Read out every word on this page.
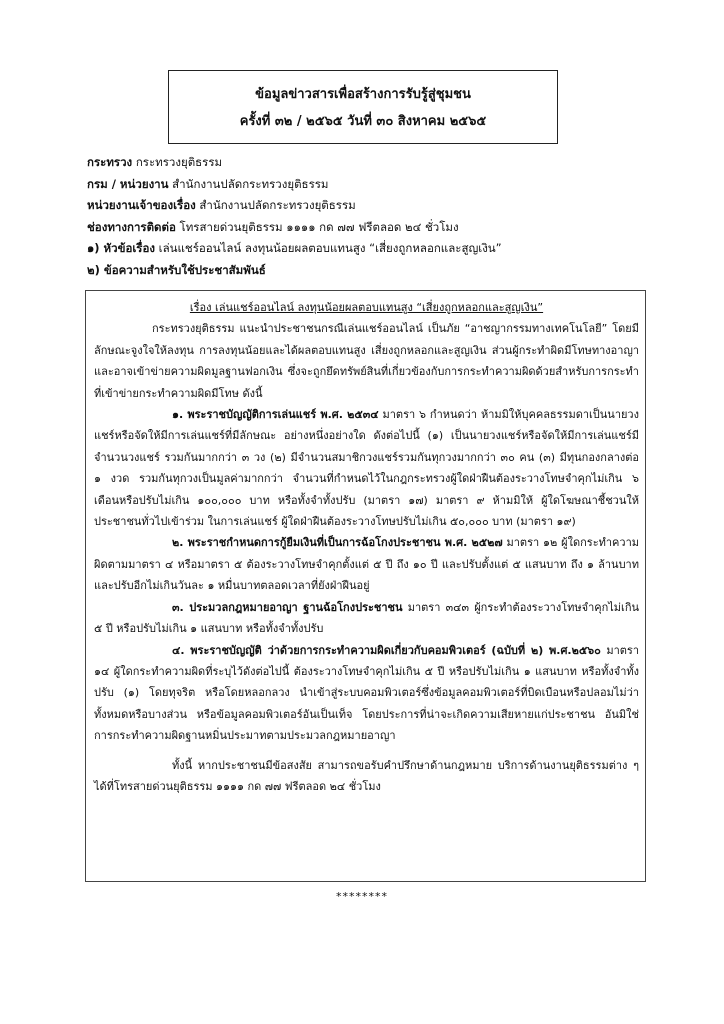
ข้อมูลข่าวสารเพื่อสร้างการรับรู้สู่ชุมชน
ครั้งที่ ๓๒ / ๒๕๖๕ วันที่ ๓๐ สิงหาคม ๒๕๖๕
กระทรวง กระทรวงยุติธรรม
กรม / หน่วยงาน สำนักงานปลัดกระทรวงยุติธรรม
หน่วยงานเจ้าของเรื่อง สำนักงานปลัดกระทรวงยุติธรรม
ช่องทางการติดต่อ โทรสายด่วนยุติธรรม ๑๑๑๑ กด ๗๗ ฟรีตลอด ๒๔ ชั่วโมง
๑) หัวข้อเรื่อง เล่นแชร์ออนไลน์ ลงทุนน้อยผลตอบแทนสูง “เสี่ยงถูกหลอกและสูญเงิน”
๒) ข้อความสำหรับใช้ประชาสัมพันธ์
เรื่อง เล่นแชร์ออนไลน์ ลงทุนน้อยผลตอบแทนสูง “เสี่ยงถูกหลอกและสูญเงิน”
กระทรวงยุติธรรม แนะนำประชาชนกรณีเล่นแชร์ออนไลน์ เป็นภัย “อาชญากรรมทางเทคโนโลยี” โดยมีลักษณะจูงใจให้ลงทุน การลงทุนน้อยและได้ผลตอบแทนสูง เสี่ยงถูกหลอกและสูญเงิน ส่วนผู้กระทำผิดมีโทษทางอาญาและอาจเข้าข่ายความผิดมูลฐานฟอกเงิน ซึ่งจะถูกยึดทรัพย์สินที่เกี่ยวข้องกับการกระทำความผิดด้วยสำหรับการกระทำที่เข้าข่ายกระทำความผิดมีโทษ ดังนี้
๑. พระราชบัญญัติการเล่นแชร์ พ.ศ. ๒๕๓๔ มาตรา ๖ กำหนดว่า ห้ามมิให้บุคคลธรรมดาเป็นนายวงแชร์หรือจัดให้มีการเล่นแชร์ที่มีลักษณะ อย่างหนึ่งอย่างใด ดังต่อไปนี้ (๑) เป็นนายวงแชร์หรือจัดให้มีการเล่นแชร์มีจำนวนวงแชร์ รวมกันมากกว่า ๓ วง (๒) มีจำนวนสมาชิกวงแชร์รวมกันทุกวงมากกว่า ๓๐ คน (๓) มีทุนกองกลางต่อ ๑ งวด รวมกันทุกวงเป็นมูลค่ามากกว่า จำนวนที่กำหนดไว้ในกฎกระทรวงผู้ใดฝ่าฝืนต้องระวางโทษจำคุกไม่เกิน ๖ เดือนหรือปรับไม่เกิน ๑๐๐,๐๐๐ บาท หรือทั้งจำทั้งปรับ (มาตรา ๑๗) มาตรา ๙ ห้ามมิให้ ผู้ใดโฆษณาชี้ชวนให้ประชาชนทั่วไปเข้าร่วม ในการเล่นแชร์ ผู้ใดฝ่าฝืนต้องระวางโทษปรับไม่เกิน ๕๐,๐๐๐ บาท (มาตรา ๑๙)
๒. พระราชกำหนดการกู้ยืมเงินที่เป็นการฉ้อโกงประชาชน พ.ศ. ๒๕๒๗ มาตรา ๑๒ ผู้ใดกระทำความผิดตามมาตรา ๔ หรือมาตรา ๕ ต้องระวางโทษจำคุกตั้งแต่ ๕ ปี ถึง ๑๐ ปี และปรับตั้งแต่ ๕ แสนบาท ถึง ๑ ล้านบาท และปรับอีกไม่เกินวันละ ๑ หมื่นบาทตลอดเวลาที่ยังฝ่าฝืนอยู่
๓. ประมวลกฎหมายอาญา ฐานฉ้อโกงประชาชน มาตรา ๓๔๓ ผู้กระทำต้องระวางโทษจำคุกไม่เกิน ๕ ปี หรือปรับไม่เกิน ๑ แสนบาท หรือทั้งจำทั้งปรับ
๔. พระราชบัญญัติ ว่าด้วยการกระทำความผิดเกี่ยวกับคอมพิวเตอร์ (ฉบับที่ ๒) พ.ศ.๒๕๖๐ มาตรา ๑๔ ผู้ใดกระทำความผิดที่ระบุไว้ดังต่อไปนี้ ต้องระวางโทษจำคุกไม่เกิน ๕ ปี หรือปรับไม่เกิน ๑ แสนบาท หรือทั้งจำทั้งปรับ (๑) โดยทุจริต หรือโดยหลอกลวง นำเข้าสู่ระบบคอมพิวเตอร์ซึ่งข้อมูลคอมพิวเตอร์ที่บิดเบือนหรือปลอมไม่ว่าทั้งหมดหรือบางส่วน หรือข้อมูลคอมพิวเตอร์อันเป็นเท็จ โดยประการที่น่าจะเกิดความเสียหายแก่ประชาชน อันมิใช่การกระทำความผิดฐานหมิ่นประมาทตามประมวลกฎหมายอาญา
ทั้งนี้ หากประชาชนมีข้อสงสัย สามารถขอรับคำปรึกษาด้านกฎหมาย บริการด้านงานยุติธรรมต่าง ๆ ได้ที่โทรสายด่วนยุติธรรม ๑๑๑๑ กด ๗๗ ฟรีตลอด ๒๔ ชั่วโมง
********
